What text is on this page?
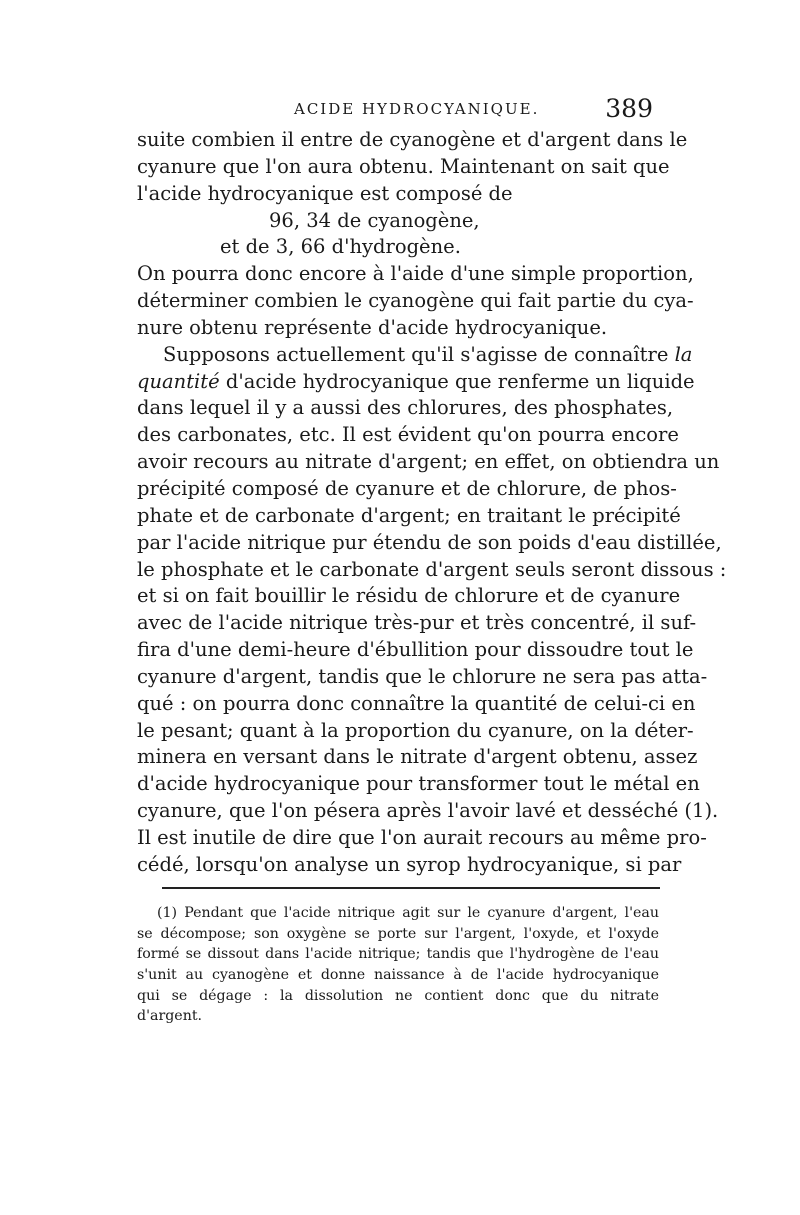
ACIDE HYDROCYANIQUE.	389
suite combien il entre de cyanogène et d'argent dans le
cyanure que l'on aura obtenu. Maintenant on sait que
l'acide hydrocyanique est composé de
96, 34 de cyanogène,
et de 3, 66 d'hydrogène.
On pourra donc encore à l'aide d'une simple proportion,
déterminer combien le cyanogène qui fait partie du cya-
nure obtenu représente d'acide hydrocyanique.
Supposons actuellement qu'il s'agisse de connaître la
quantité d'acide hydrocyanique que renferme un liquide
dans lequel il y a aussi des chlorures, des phosphates,
des carbonates, etc. Il est évident qu'on pourra encore
avoir recours au nitrate d'argent; en effet, on obtiendra un
précipité composé de cyanure et de chlorure, de phos-
phate et de carbonate d'argent; en traitant le précipité
par l'acide nitrique pur étendu de son poids d'eau distillée,
le phosphate et le carbonate d'argent seuls seront dissous :
et si on fait bouillir le résidu de chlorure et de cyanure
avec de l'acide nitrique très-pur et très concentré, il suf-
fira d'une demi-heure d'ébullition pour dissoudre tout le
cyanure d'argent, tandis que le chlorure ne sera pas atta-
qué : on pourra donc connaître la quantité de celui-ci en
le pesant; quant à la proportion du cyanure, on la déter-
minera en versant dans le nitrate d'argent obtenu, assez
d'acide hydrocyanique pour transformer tout le métal en
cyanure, que l'on pésera après l'avoir lavé et desséché (1).
Il est inutile de dire que l'on aurait recours au même pro-
cédé, lorsqu'on analyse un syrop hydrocyanique, si par
(1) Pendant que l'acide nitrique agit sur le cyanure d'argent, l'eau
se décompose; son oxygène se porte sur l'argent, l'oxyde, et l'oxyde
formé se dissout dans l'acide nitrique; tandis que l'hydrogène de l'eau
s'unit au cyanogène et donne naissance à de l'acide hydrocyanique
qui se dégage : la dissolution ne contient donc que du nitrate
d'argent.
